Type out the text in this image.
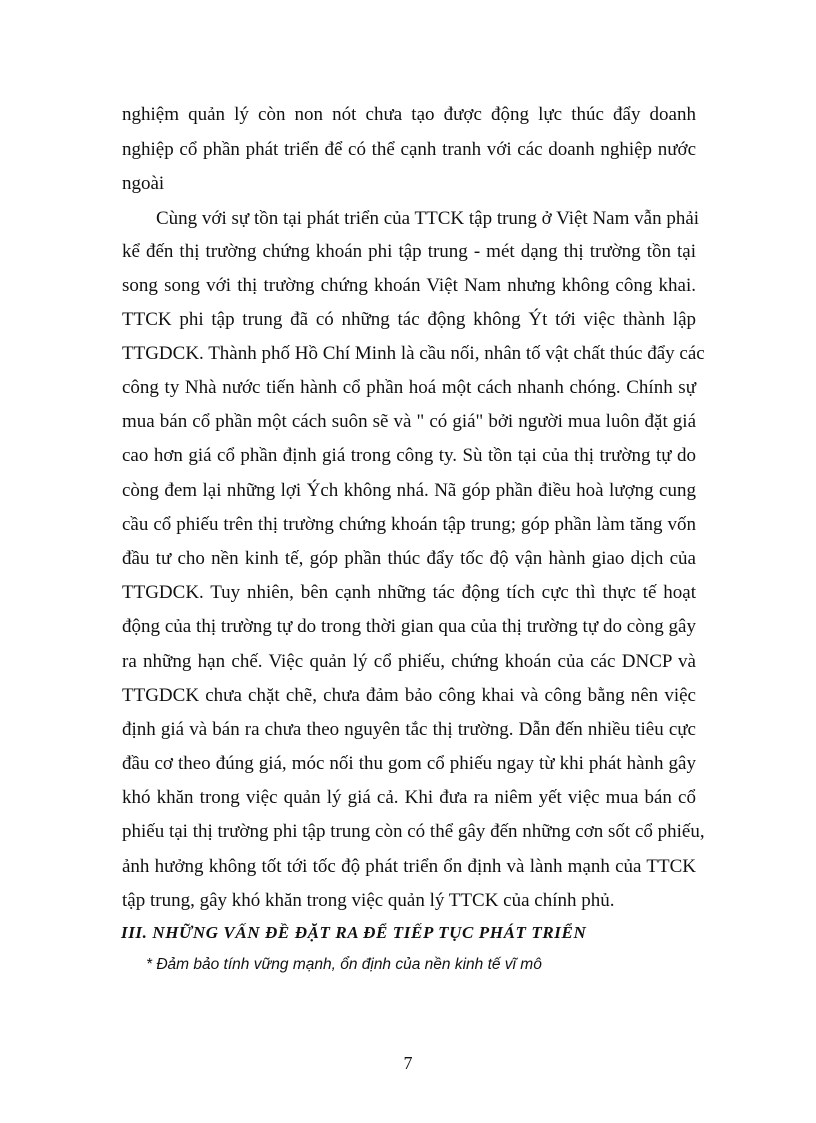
nghiệm quản lý còn non nót chưa tạo được động lực thúc đẩy doanh
nghiệp cổ phần phát triển để có thể cạnh tranh với các doanh nghiệp nước
ngoài
Cùng với sự tồn tại phát triển của TTCK tập trung ở Việt Nam vẫn phải
kể đến thị trường chứng khoán phi tập trung - mét dạng thị trường tồn tại
song song với thị trường chứng khoán Việt Nam nhưng không công khai.
TTCK phi tập trung đã có những tác động không Ýt tới việc thành lập
TTGDCK. Thành phố Hồ Chí Minh là cầu nối, nhân tố vật chất thúc đẩy các
công ty Nhà nước tiến hành cổ phần hoá một cách nhanh chóng. Chính sự
mua bán cổ phần một cách suôn sẽ và " có giá" bởi người mua luôn đặt giá
cao hơn giá cổ phần định giá trong công ty. Sù tồn tại của thị trường tự do
còng đem lại những lợi Ých không nhá. Nã góp phần điều hoà lượng cung
cầu cổ phiếu trên thị trường chứng khoán tập trung; góp phần làm tăng vốn
đầu tư cho nền kinh tế, góp phần thúc đẩy tốc độ vận hành giao dịch của
TTGDCK. Tuy nhiên, bên cạnh những tác động tích cực thì thực tế hoạt
động của thị trường tự do trong thời gian qua của thị trường tự do còng gây
ra những hạn chế. Việc quản lý cổ phiếu, chứng khoán của các DNCP và
TTGDCK chưa chặt chẽ, chưa đảm bảo công khai và công bằng nên việc
định giá và bán ra chưa theo nguyên tắc thị trường. Dẫn đến nhiều tiêu cực
đầu cơ theo đúng giá, móc nối thu gom cổ phiếu ngay từ khi phát hành gây
khó khăn trong việc quản lý giá cả. Khi đưa ra niêm yết việc mua bán cổ
phiếu tại thị trường phi tập trung còn có thể gây đến những cơn sốt cổ phiếu,
ảnh hưởng không tốt tới tốc độ phát triển ổn định và lành mạnh của TTCK
tập trung, gây khó khăn trong việc quản lý TTCK của chính phủ.
III. NHỮNG VẤN ĐỀ ĐẶT RA ĐỂ TIẾP TỤC PHÁT TRIỂN
* Đảm bảo tính vững mạnh, ổn định của nền kinh tế vĩ mô
7
